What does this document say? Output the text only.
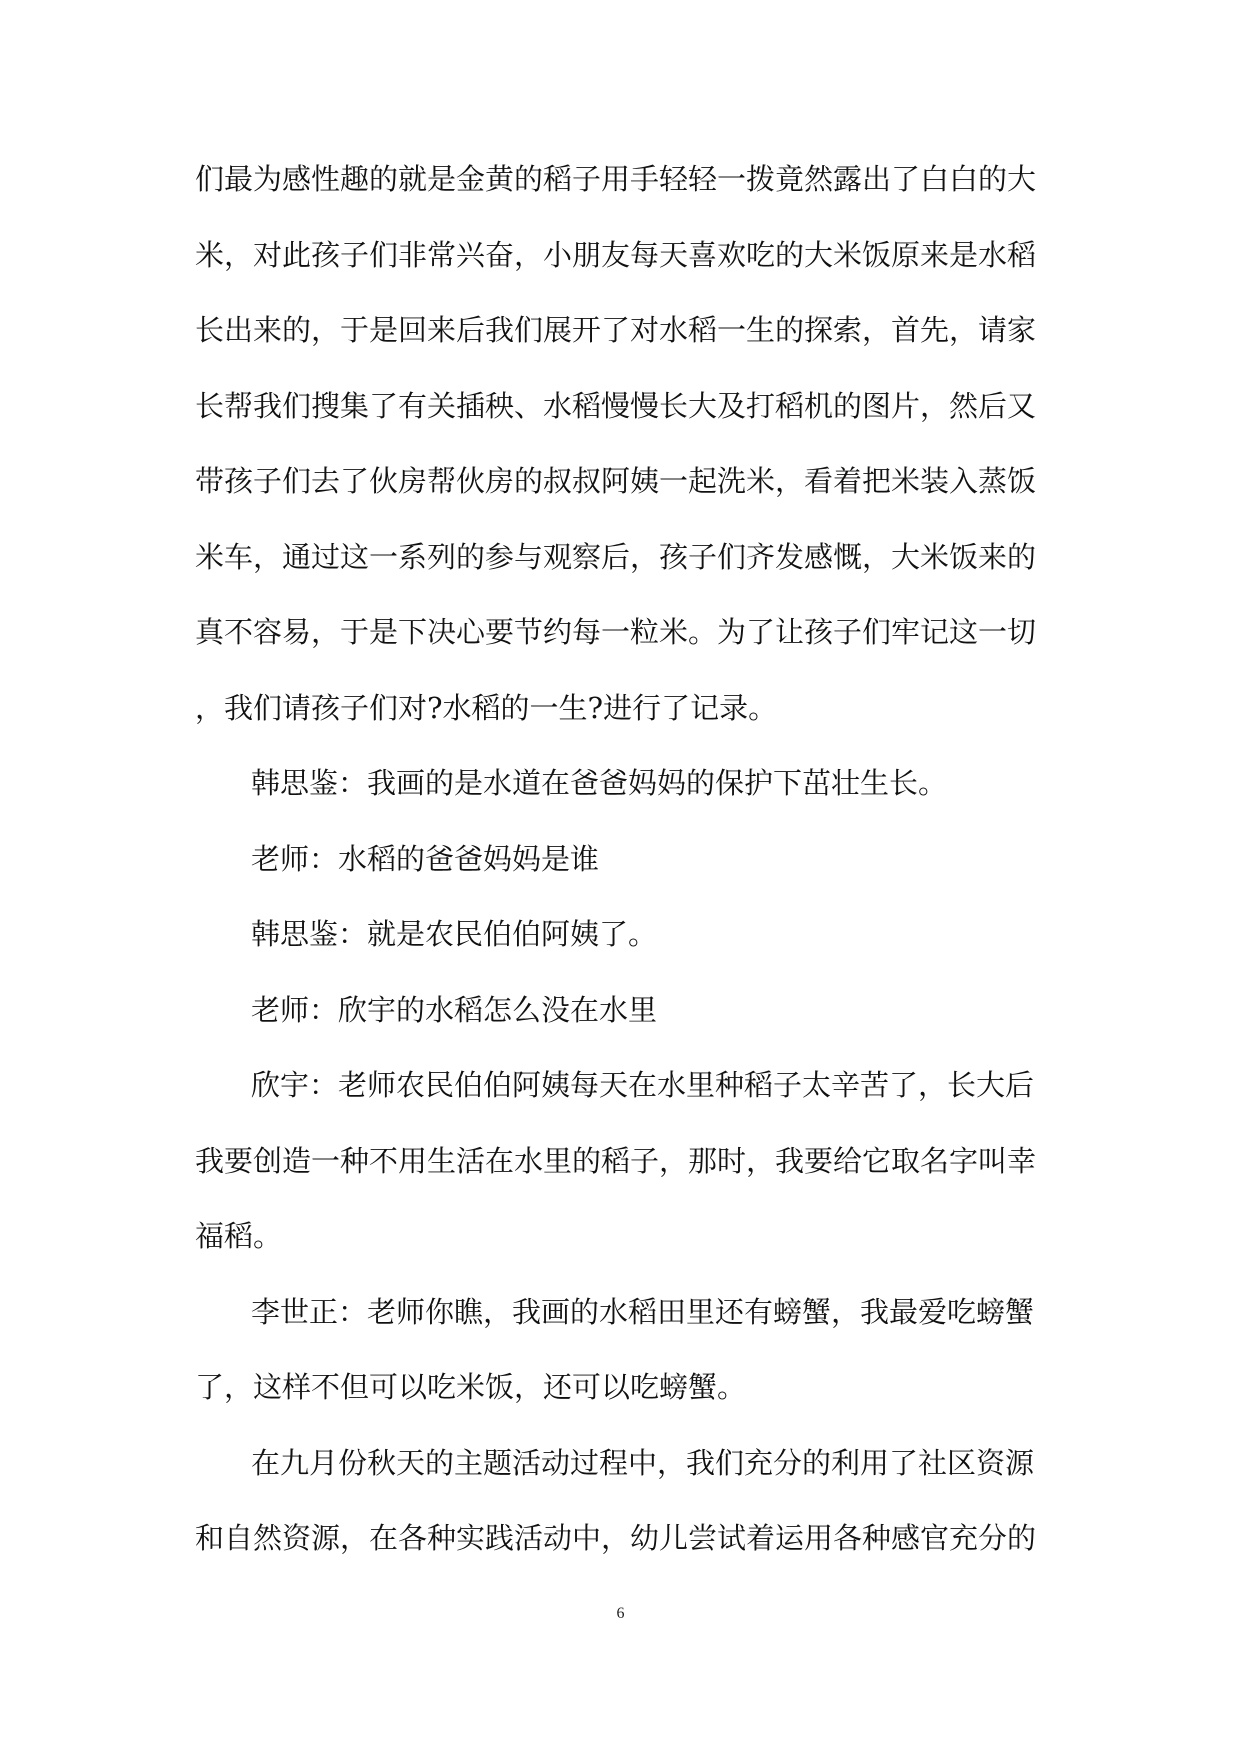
们最为感性趣的就是金黄的稻子用手轻轻一拨竟然露出了白白的大

米，对此孩子们非常兴奋，小朋友每天喜欢吃的大米饭原来是水稻

长出来的，于是回来后我们展开了对水稻一生的探索，首先，请家

长帮我们搜集了有关插秧、水稻慢慢长大及打稻机的图片，然后又

带孩子们去了伙房帮伙房的叔叔阿姨一起洗米，看着把米装入蒸饭

米车，通过这一系列的参与观察后，孩子们齐发感慨，大米饭来的

真不容易，于是下决心要节约每一粒米。为了让孩子们牢记这一切

，我们请孩子们对?水稻的一生?进行了记录。

韩思鉴：我画的是水道在爸爸妈妈的保护下茁壮生长。

老师：水稻的爸爸妈妈是谁

韩思鉴：就是农民伯伯阿姨了。

老师：欣宇的水稻怎么没在水里

欣宇：老师农民伯伯阿姨每天在水里种稻子太辛苦了，长大后

我要创造一种不用生活在水里的稻子，那时，我要给它取名字叫幸

福稻。

李世正：老师你瞧，我画的水稻田里还有螃蟹，我最爱吃螃蟹

了，这样不但可以吃米饭，还可以吃螃蟹。

在九月份秋天的主题活动过程中，我们充分的利用了社区资源

和自然资源，在各种实践活动中，幼儿尝试着运用各种感官充分的

6
